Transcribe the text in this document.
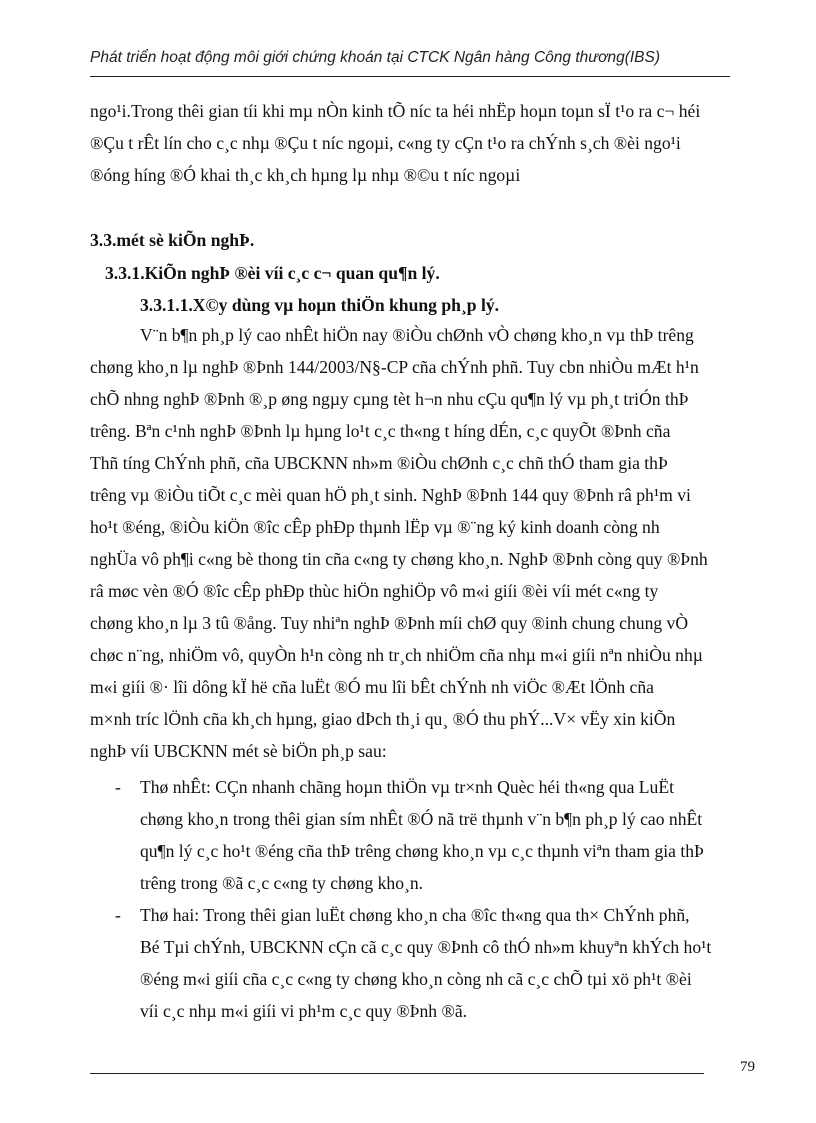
Phát triển hoạt động môi giới chứng khoán tại CTCK Ngân hàng Công thương(IBS)
ngo¹i.Trong thêi gian tíi khi mµ nÒn kinh tÕ níc ta héi nhËp hoµn toµn sÏ t¹o ra c¬ héi
®Çu t rÊt lín cho c¸c nhµ ®Çu t níc ngoµi, c«ng ty cÇn t¹o ra chÝnh s¸ch ®èi ngo¹i
®óng híng ®Ó khai th¸c kh¸ch hµng lµ nhµ ®©u t níc ngoµi
3.3.mét sè kiÕn nghÞ.
3.3.1.KiÕn nghÞ ®èi víi c¸c c¬ quan qu¶n lý.
3.3.1.1.X©y dùng vµ hoµn thiÖn khung ph¸p lý.
V¨n b¶n ph¸p lý cao nhÊt hiÖn nay ®iÒu chØnh vÒ chøng kho¸n vµ thÞ trêng
chøng kho¸n lµ nghÞ ®Þnh 144/2003/N§-CP cña chÝnh phñ. Tuy cbn nhiÒu mÆt h¹n
chÕ nhng nghÞ ®Þnh ®¸p øng ngµy cµng tèt h¬n nhu cÇu qu¶n lý vµ ph¸t triÓn thÞ
trêng. Bªn c¹nh nghÞ ®Þnh lµ hµng lo¹t c¸c th«ng t híng dÉn, c¸c quyÕt ®Þnh cña
Thñ tíng ChÝnh phñ, cña UBCKNN nh»m ®iÒu chØnh c¸c chñ thÓ tham gia thÞ
trêng vµ ®iÒu tiÕt c¸c mèi quan hÖ ph¸t sinh. NghÞ ®Þnh 144 quy ®Þnh râ ph¹m vi
ho¹t ®éng, ®iÒu kiÖn ®îc cÊp phÐp thµnh lËp vµ ®¨ng ký kinh doanh còng nh
nghÜa vô ph¶i c«ng bè thong tin cña c«ng ty chøng kho¸n. NghÞ ®Þnh còng quy ®Þnh
râ møc vèn ®Ó ®îc cÊp phÐp thùc hiÖn nghiÖp vô m«i giíi ®èi víi mét c«ng ty
chøng kho¸n lµ 3 tû ®ång. Tuy nhiªn nghÞ ®Þnh míi chØ quy ®inh chung chung vÒ
chøc n¨ng, nhiÖm vô, quyÒn h¹n còng nh tr¸ch nhiÖm cña nhµ m«i giíi nªn nhiÒu nhµ
m«i giíi ®· lîi dông kÏ hë cña luËt ®Ó mu lîi bÊt chÝnh nh viÖc ®Æt lÖnh cña
m×nh tríc lÖnh cña kh¸ch hµng, giao dÞch th¸i qu¸ ®Ó thu phÝ...V× vËy xin kiÕn
nghÞ víi UBCKNN mét sè biÖn ph¸p sau:
- Thø nhÊt: CÇn nhanh chãng hoµn thiÖn vµ tr×nh Quèc héi th«ng qua LuËt
chøng kho¸n trong thêi gian sím nhÊt ®Ó nã trë thµnh v¨n b¶n ph¸p lý cao nhÊt
qu¶n lý c¸c ho¹t ®éng cña thÞ trêng chøng kho¸n vµ c¸c thµnh viªn tham gia thÞ
trêng trong ®ã c¸c c«ng ty chøng kho¸n.
- Thø hai: Trong thêi gian luËt chøng kho¸n cha ®îc th«ng qua th× ChÝnh phñ,
Bé Tµi chÝnh, UBCKNN cÇn cã c¸c quy ®Þnh cô thÓ nh»m khuyªn khÝch ho¹t
®éng m«i giíi cña c¸c c«ng ty chøng kho¸n còng nh cã c¸c chÕ tµi xö ph¹t ®èi
víi c¸c nhµ m«i giíi vi ph¹m c¸c quy ®Þnh ®ã.
79
